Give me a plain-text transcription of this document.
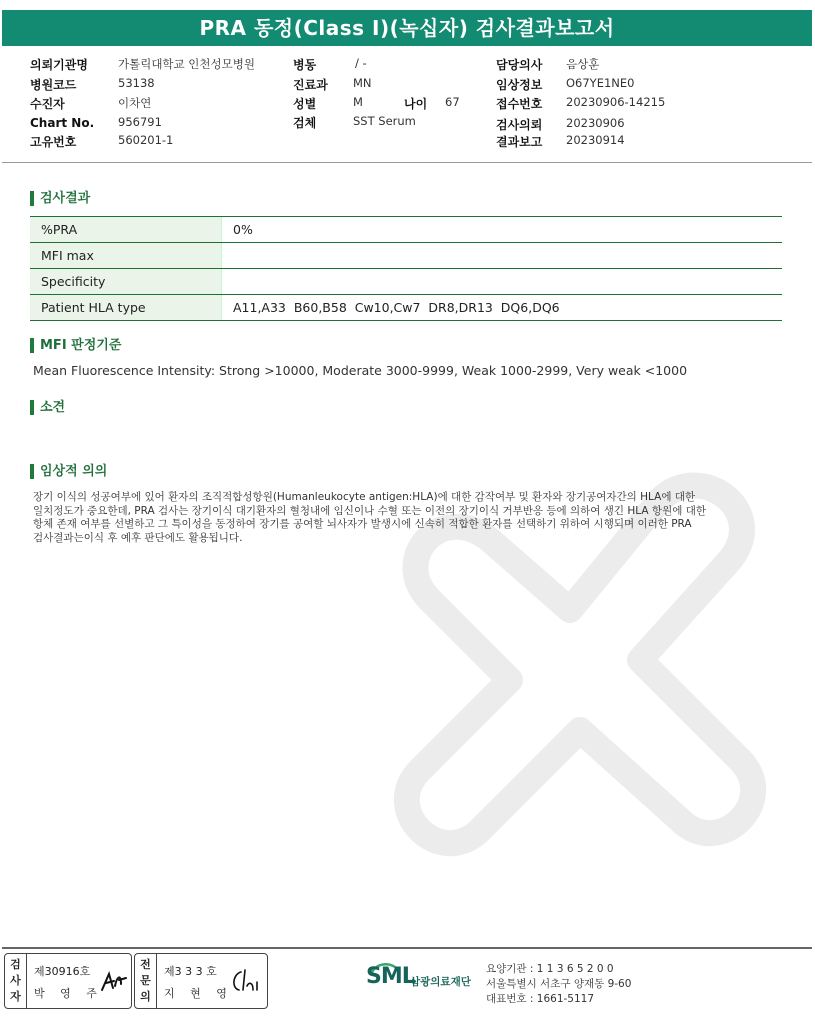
PRA 동정(Class I)(녹십자) 검사결과보고서
의뢰기관명	가톨릭대학교 인천성모병원
병원코드	53138
수진자	이차연
Chart No. 956791
고유번호	560201-1
병동	/ -
진료과 MN
성별	M	나이 67
검체	SST Serum
담당의사 음상훈
임상정보 O67YE1NE0
접수번호 20230906-14215
검사의뢰 20230906
결과보고 20230914
검사결과
%PRA	0%
MFI max
Specificity
Patient HLA type	A11,A33  B60,B58  Cw10,Cw7  DR8,DR13  DQ6,DQ6
MFI 판정기준
Mean Fluorescence Intensity: Strong >10000, Moderate 3000-9999, Weak 1000-2999, Very weak <1000
소견
임상적 의의
장기 이식의 성공여부에 있어 환자의 조직적합성항원(Humanleukocyte antigen:HLA)에 대한 감작여부 및 환자와 장기공여자간의 HLA에 대한
일치정도가 중요한데, PRA 검사는 장기이식 대기환자의 혈청내에 임신이나 수혈 또는 이전의 장기이식 거부반응 등에 의하여 생긴 HLA 항원에 대한
항체 존재 여부를 선별하고 그 특이성을 동정하여 장기를 공여할 뇌사자가 발생시에 신속히 적합한 환자를 선택하기 위하여 시행되며 이러한 PRA
검사결과는이식 후 예후 판단에도 활용됩니다.
검사자
제30916호
박 영 주
전문의
제3 3 3 호
지 현 영
SML
삼광의료재단
요양기관 : 1 1 3 6 5 2 0 0
서울특별시 서초구 양재동 9-60
대표번호 : 1661-5117
